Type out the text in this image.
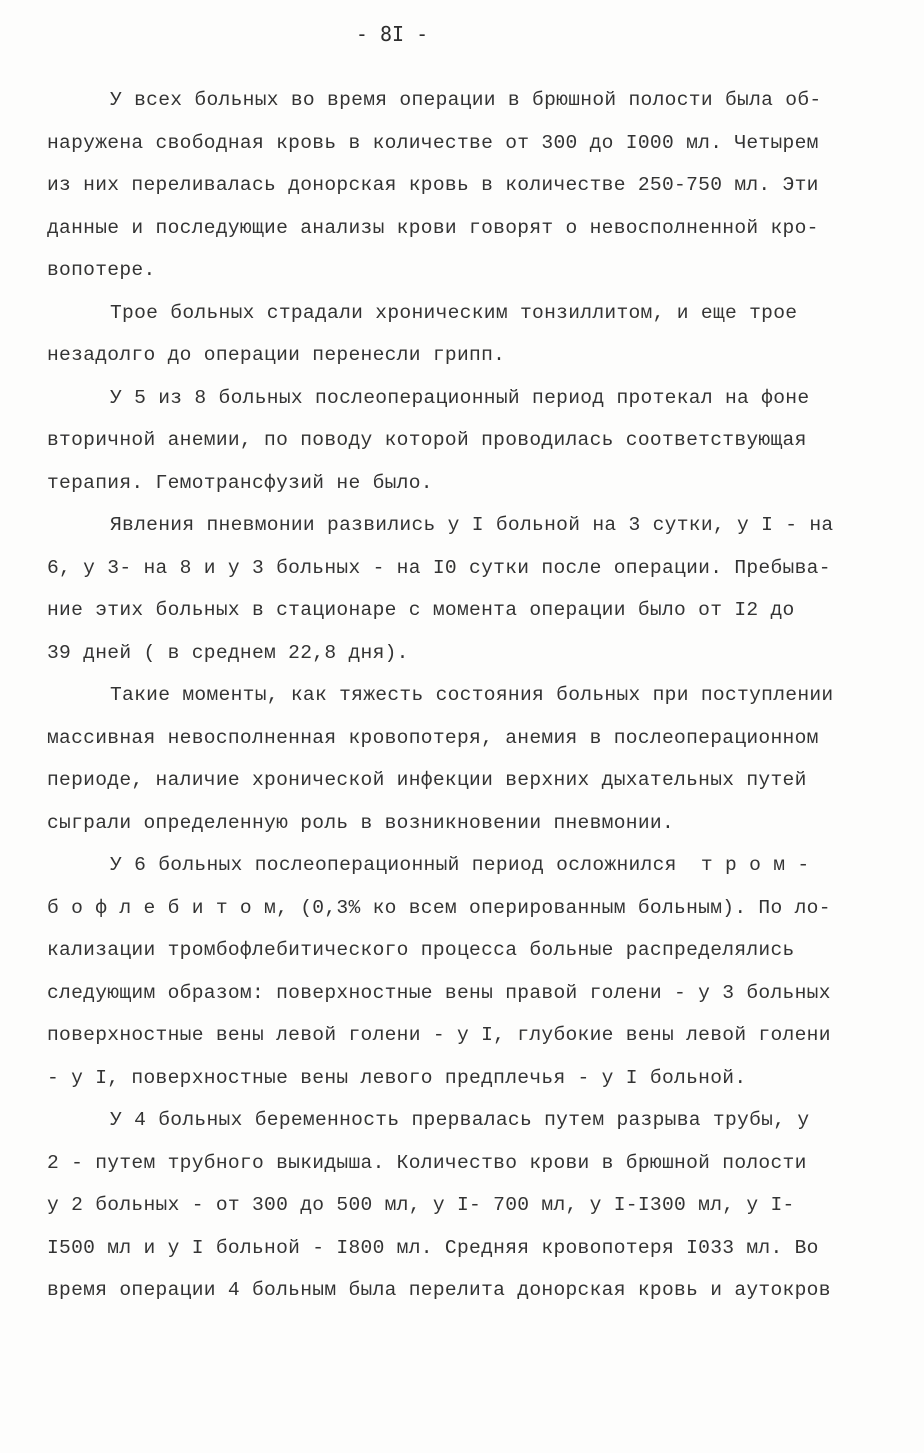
- 8I -
У всех больных во время операции в брюшной полости была об-
наружена свободная кровь в количестве от 300 до I000 мл. Четырем
из них переливалась донорская кровь в количестве 250-750 мл. Эти
данные и последующие анализы крови говорят о невосполненной кро-
вопотере.
Трое больных страдали хроническим тонзиллитом, и еще трое
незадолго до операции перенесли грипп.
У 5 из 8 больных послеоперационный период протекал на фоне
вторичной анемии, по поводу которой проводилась соответствующая
терапия. Гемотрансфузий не было.
Явления пневмонии развились у I больной на 3 сутки, у I - на
6, у 3- на 8 и у 3 больных - на I0 сутки после операции. Пребыва-
ние этих больных в стационаре с момента операции было от I2 до
39 дней ( в среднем 22,8 дня).
Такие моменты, как тяжесть состояния больных при поступлении
массивная невосполненная кровопотеря, анемия в послеоперационном
периоде, наличие хронической инфекции верхних дыхательных путей
сыграли определенную роль в возникновении пневмонии.
У 6 больных послеоперационный период осложнился  т р о м -
б о ф л е б и т о м, (0,3% ко всем оперированным больным). По ло-
кализации тромбофлебитического процесса больные распределялись
следующим образом: поверхностные вены правой голени - у 3 больных
поверхностные вены левой голени - у I, глубокие вены левой голени
- у I, поверхностные вены левого предплечья - у I больной.
У 4 больных беременность прервалась путем разрыва трубы, у
2 - путем трубного выкидыша. Количество крови в брюшной полости
у 2 больных - от 300 до 500 мл, у I- 700 мл, у I-I300 мл, у I-
I500 мл и у I больной - I800 мл. Средняя кровопотеря I033 мл. Во
время операции 4 больным была перелита донорская кровь и аутокров
